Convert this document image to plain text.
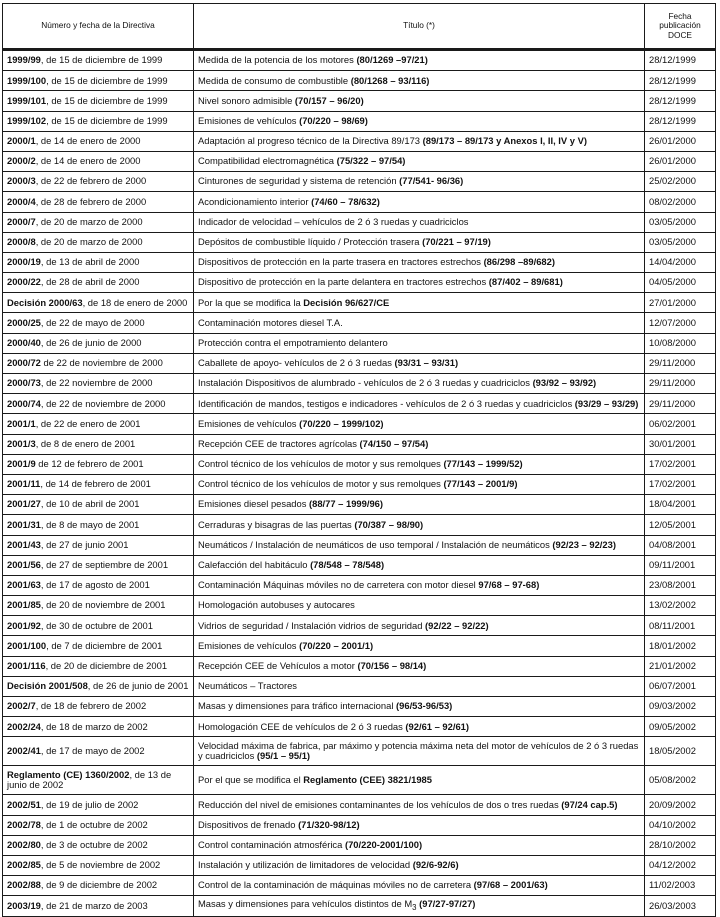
Número y fecha de la Directiva	Título (*)	Fecha
publicación
DOCE
1999/99, de 15 de diciembre de 1999	Medida de la potencia de los motores (80/1269 –97/21)	28/12/1999
1999/100, de 15 de diciembre de 1999	Medida de consumo de combustible (80/1268 – 93/116)	28/12/1999
1999/101, de 15 de diciembre de 1999	Nivel sonoro admisible (70/157 – 96/20)	28/12/1999
1999/102, de 15 de diciembre de 1999	Emisiones de vehículos (70/220 – 98/69)	28/12/1999
2000/1, de 14 de enero de 2000	Adaptación al progreso técnico de la Directiva 89/173 (89/173 – 89/173 y Anexos I, II, IV y V)	26/01/2000
2000/2, de 14 de enero de 2000	Compatibilidad electromagnética (75/322 – 97/54)	26/01/2000
2000/3, de 22 de febrero de 2000	Cinturones de seguridad y sistema de retención (77/541- 96/36)	25/02/2000
2000/4, de 28 de febrero de 2000	Acondicionamiento interior (74/60 – 78/632)	08/02/2000
2000/7, de 20 de marzo de 2000	Indicador de velocidad – vehículos de 2 ó 3 ruedas y cuadriciclos	03/05/2000
2000/8, de 20 de marzo de 2000	Depósitos de combustible líquido / Protección trasera (70/221 – 97/19)	03/05/2000
2000/19, de 13 de abril de 2000	Dispositivos de protección en la parte trasera en tractores estrechos (86/298 –89/682)	14/04/2000
2000/22, de 28 de abril de 2000	Dispositivo de protección en la parte delantera en tractores estrechos (87/402 – 89/681)	04/05/2000
Decisión 2000/63, de 18 de enero de 2000	Por la que se modifica la Decisión 96/627/CE	27/01/2000
2000/25, de 22 de mayo de 2000	Contaminación motores diesel T.A.	12/07/2000
2000/40, de 26 de junio de 2000	Protección contra el empotramiento delantero	10/08/2000
2000/72 de 22 de noviembre de 2000	Caballete de apoyo- vehículos de 2 ó 3 ruedas (93/31 – 93/31)	29/11/2000
2000/73, de 22 noviembre de 2000	Instalación Dispositivos de alumbrado - vehículos de 2 ó 3 ruedas y cuadriciclos (93/92 – 93/92)	29/11/2000
2000/74, de 22 de noviembre de 2000	Identificación de mandos, testigos e indicadores - vehículos de 2 ó 3 ruedas y cuadriciclos (93/29 – 93/29)	29/11/2000
2001/1, de 22 de enero de 2001	Emisiones de vehículos (70/220 – 1999/102)	06/02/2001
2001/3, de 8 de enero de 2001	Recepción CEE de tractores agrícolas (74/150 – 97/54)	30/01/2001
2001/9 de 12 de febrero de 2001	Control técnico de los vehículos de motor y sus remolques (77/143 – 1999/52)	17/02/2001
2001/11, de 14 de febrero de 2001	Control técnico de los vehículos de motor y sus remolques (77/143 – 2001/9)	17/02/2001
2001/27, de 10 de abril de 2001	Emisiones diesel pesados (88/77 – 1999/96)	18/04/2001
2001/31, de 8 de mayo de 2001	Cerraduras y bisagras de las puertas (70/387 – 98/90)	12/05/2001
2001/43, de 27 de junio 2001	Neumáticos / Instalación de neumáticos de uso temporal / Instalación de neumáticos (92/23 – 92/23)	04/08/2001
2001/56, de 27 de septiembre de 2001	Calefacción del habitáculo (78/548 – 78/548)	09/11/2001
2001/63, de 17 de agosto de 2001	Contaminación Máquinas móviles no de carretera con motor diesel 97/68 – 97-68)	23/08/2001
2001/85, de 20 de noviembre de 2001	Homologación autobuses y autocares	13/02/2002
2001/92, de 30 de octubre de 2001	Vidrios de seguridad / Instalación vidrios de seguridad (92/22 – 92/22)	08/11/2001
2001/100, de 7 de diciembre de 2001	Emisiones de vehículos (70/220 – 2001/1)	18/01/2002
2001/116, de 20 de diciembre de 2001	Recepción CEE de Vehículos a motor (70/156 – 98/14)	21/01/2002
Decisión 2001/508, de 26 de junio de 2001	Neumáticos – Tractores	06/07/2001
2002/7, de 18 de febrero de 2002	Masas y dimensiones para tráfico internacional (96/53-96/53)	09/03/2002
2002/24, de 18 de marzo de 2002	Homologación CEE de vehículos de 2 ó 3 ruedas (92/61 – 92/61)	09/05/2002
2002/41, de 17 de mayo de 2002	Velocidad máxima de fabrica, par máximo y potencia máxima neta del motor de vehículos de 2 ó 3 ruedas y cuadriciclos (95/1 – 95/1)	18/05/2002
Reglamento (CE) 1360/2002, de 13 de junio de 2002	Por el que se modifica el Reglamento (CEE) 3821/1985	05/08/2002
2002/51, de 19 de julio de 2002	Reducción del nivel de emisiones contaminantes de los vehículos de dos o tres ruedas (97/24 cap.5)	20/09/2002
2002/78, de 1 de octubre de 2002	Dispositivos de frenado (71/320-98/12)	04/10/2002
2002/80, de 3 de octubre de 2002	Control contaminación atmosférica (70/220-2001/100)	28/10/2002
2002/85, de 5 de noviembre de 2002	Instalación y utilización de limitadores de velocidad (92/6-92/6)	04/12/2002
2002/88, de 9 de diciembre de 2002	Control de la contaminación de máquinas móviles no de carretera (97/68 – 2001/63)	11/02/2003
2003/19, de 21 de marzo de 2003	Masas y dimensiones para vehículos distintos de $M_3$ (97/27-97/27)	26/03/2003
